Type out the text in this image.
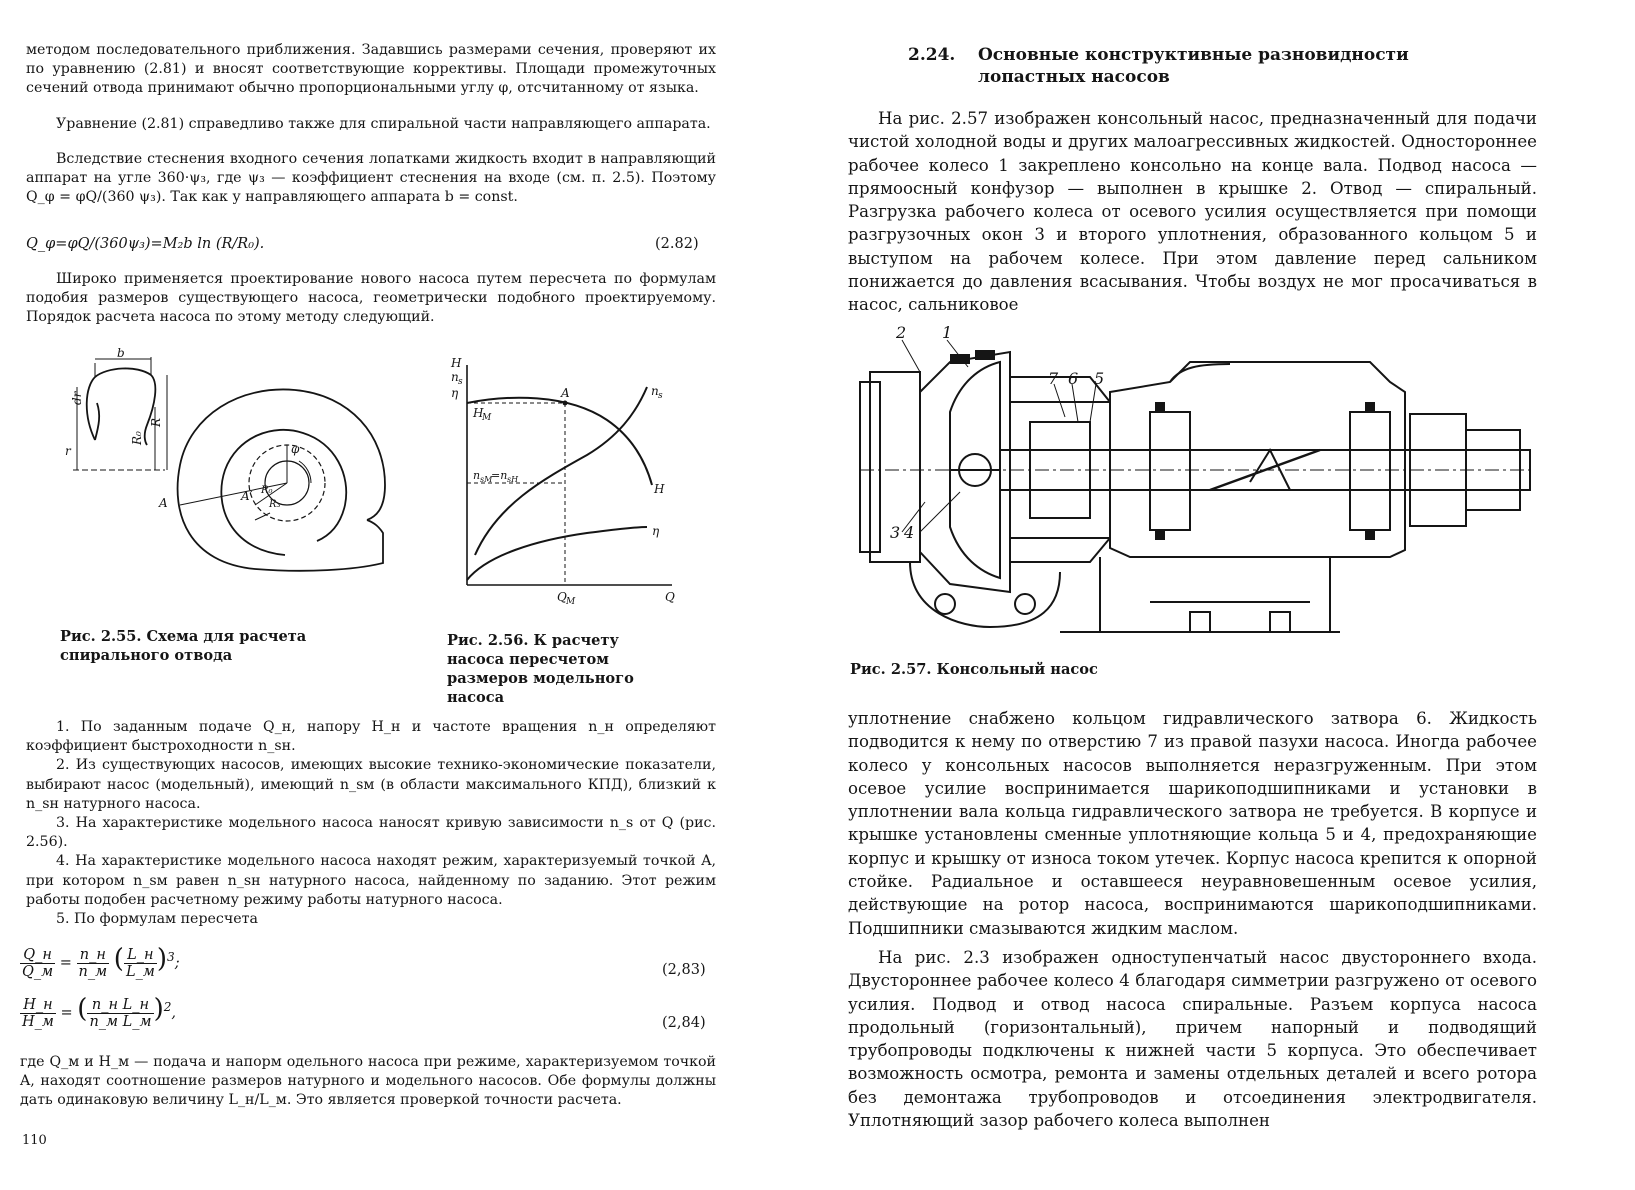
методом последовательного приближения. Задавшись размерами сечения, проверяют их по уравнению (2.81) и вносят соответствующие коррективы. Площади промежуточных сечений отвода принимают обычно пропорциональными углу φ, отсчитанному от языка.

Уравнение (2.81) справедливо также для спиральной части направляющего аппарата.

Вследствие стеснения входного сечения лопатками жидкость входит в направляющий аппарат на угле 360·ψ₃, где ψ₃ — коэффициент стеснения на входе (см. п. 2.5). Поэтому Q_φ = φQ/(360 ψ₃). Так как у направляющего аппарата b = const.

Q_φ=φQ/(360ψ₃)=M₂b ln (R/R₀).	(2.82)

Широко применяется проектирование нового насоса путем пересчета по формулам подобия размеров существующего насоса, геометрически подобного проектируемому. Порядок расчета насоса по этому методу следующий.

b
dr
r
R₀
R
A	A′
φ
R₀
R₃
H
n s
η	A
H
M
n s
n sM
=n sH
H
η
Q M	Q
Рис. 2.55. Схема для расчета спирального отвода
Рис. 2.56. К расчету насоса пересчетом размеров модельного насоса

1. По заданным подаче Q_н, напору H_н и частоте вращения n_н определяют коэффициент быстроходности n_sн.

2. Из существующих насосов, имеющих высокие технико-экономические показатели, выбирают насос (модельный), имеющий n_sм (в области максимального КПД), близкий к n_sн натурного насоса.

3. На характеристике модельного насоса наносят кривую зависимости n_s от Q (рис. 2.56).

4. На характеристике модельного насоса находят режим, характеризуемый точкой A, при котором n_sм равен n_sн натурного насоса, найденному по заданию. Этот режим работы подобен расчетному режиму работы натурного насоса.

5. По формулам пересчета

$\frac{Q\_н}{Q\_м} = \frac{n\_н}{n\_м}$ ( $\frac{L\_н}{L\_м} )^3$;	(2,83)
$\frac{H\_н}{H\_м}$ = ( $\frac{\text{n\_н L\_н}}{\text{n\_м L\_м}} )^2$,
(2,84)

где Q_м и H_м — подача и напорм одельного насоса при режиме, характеризуемом точкой A, находят соотношение размеров натурного и модельного насосов. Обе формулы должны дать одинаковую величину L_н/L_м. Это является проверкой точности расчета.

110
2.24. Основные конструктивные разновидности
лопастных насосов

На рис. 2.57 изображен консольный насос, предназначенный для подачи чистой холодной воды и других малоагрессивных жидкостей. Одностороннее рабочее колесо 1 закреплено консольно на конце вала. Подвод насоса — прямоосный конфузор — выполнен в крышке 2. Отвод — спиральный. Разгрузка рабочего колеса от осевого усилия осуществляется при помощи разгрузочных окон 3 и второго уплотнения, образованного кольцом 5 и выступом на рабочем колесе. При этом давление перед сальником понижается до давления всасывания. Чтобы воздух не мог просачиваться в насос, сальниковое

2 1
7 6 5
3 4
Рис. 2.57. Консольный насос

уплотнение снабжено кольцом гидравлического затвора 6. Жидкость подводится к нему по отверстию 7 из правой пазухи насоса. Иногда рабочее колесо у консольных насосов выполняется неразгруженным. При этом осевое усилие воспринимается шарикоподшипниками и установки в уплотнении вала кольца гидравлического затвора не требуется. В корпусе и крышке установлены сменные уплотняющие кольца 5 и 4, предохраняющие корпус и крышку от износа током утечек. Корпус насоса крепится к опорной стойке. Радиальное и оставшееся неуравновешенным осевое усилия, действующие на ротор насоса, воспринимаются шарикоподшипниками. Подшипники смазываются жидким маслом.

На рис. 2.3 изображен одноступенчатый насос двустороннего входа. Двустороннее рабочее колесо 4 благодаря симметрии разгружено от осевого усилия. Подвод и отвод насоса спиральные. Разъем корпуса насоса продольный (горизонтальный), причем напорный и подводящий трубопроводы подключены к нижней части 5 корпуса. Это обеспечивает возможность осмотра, ремонта и замены отдельных деталей и всего ротора без демонтажа трубопроводов и отсоединения электродвигателя. Уплотняющий зазор рабочего колеса выполнен
